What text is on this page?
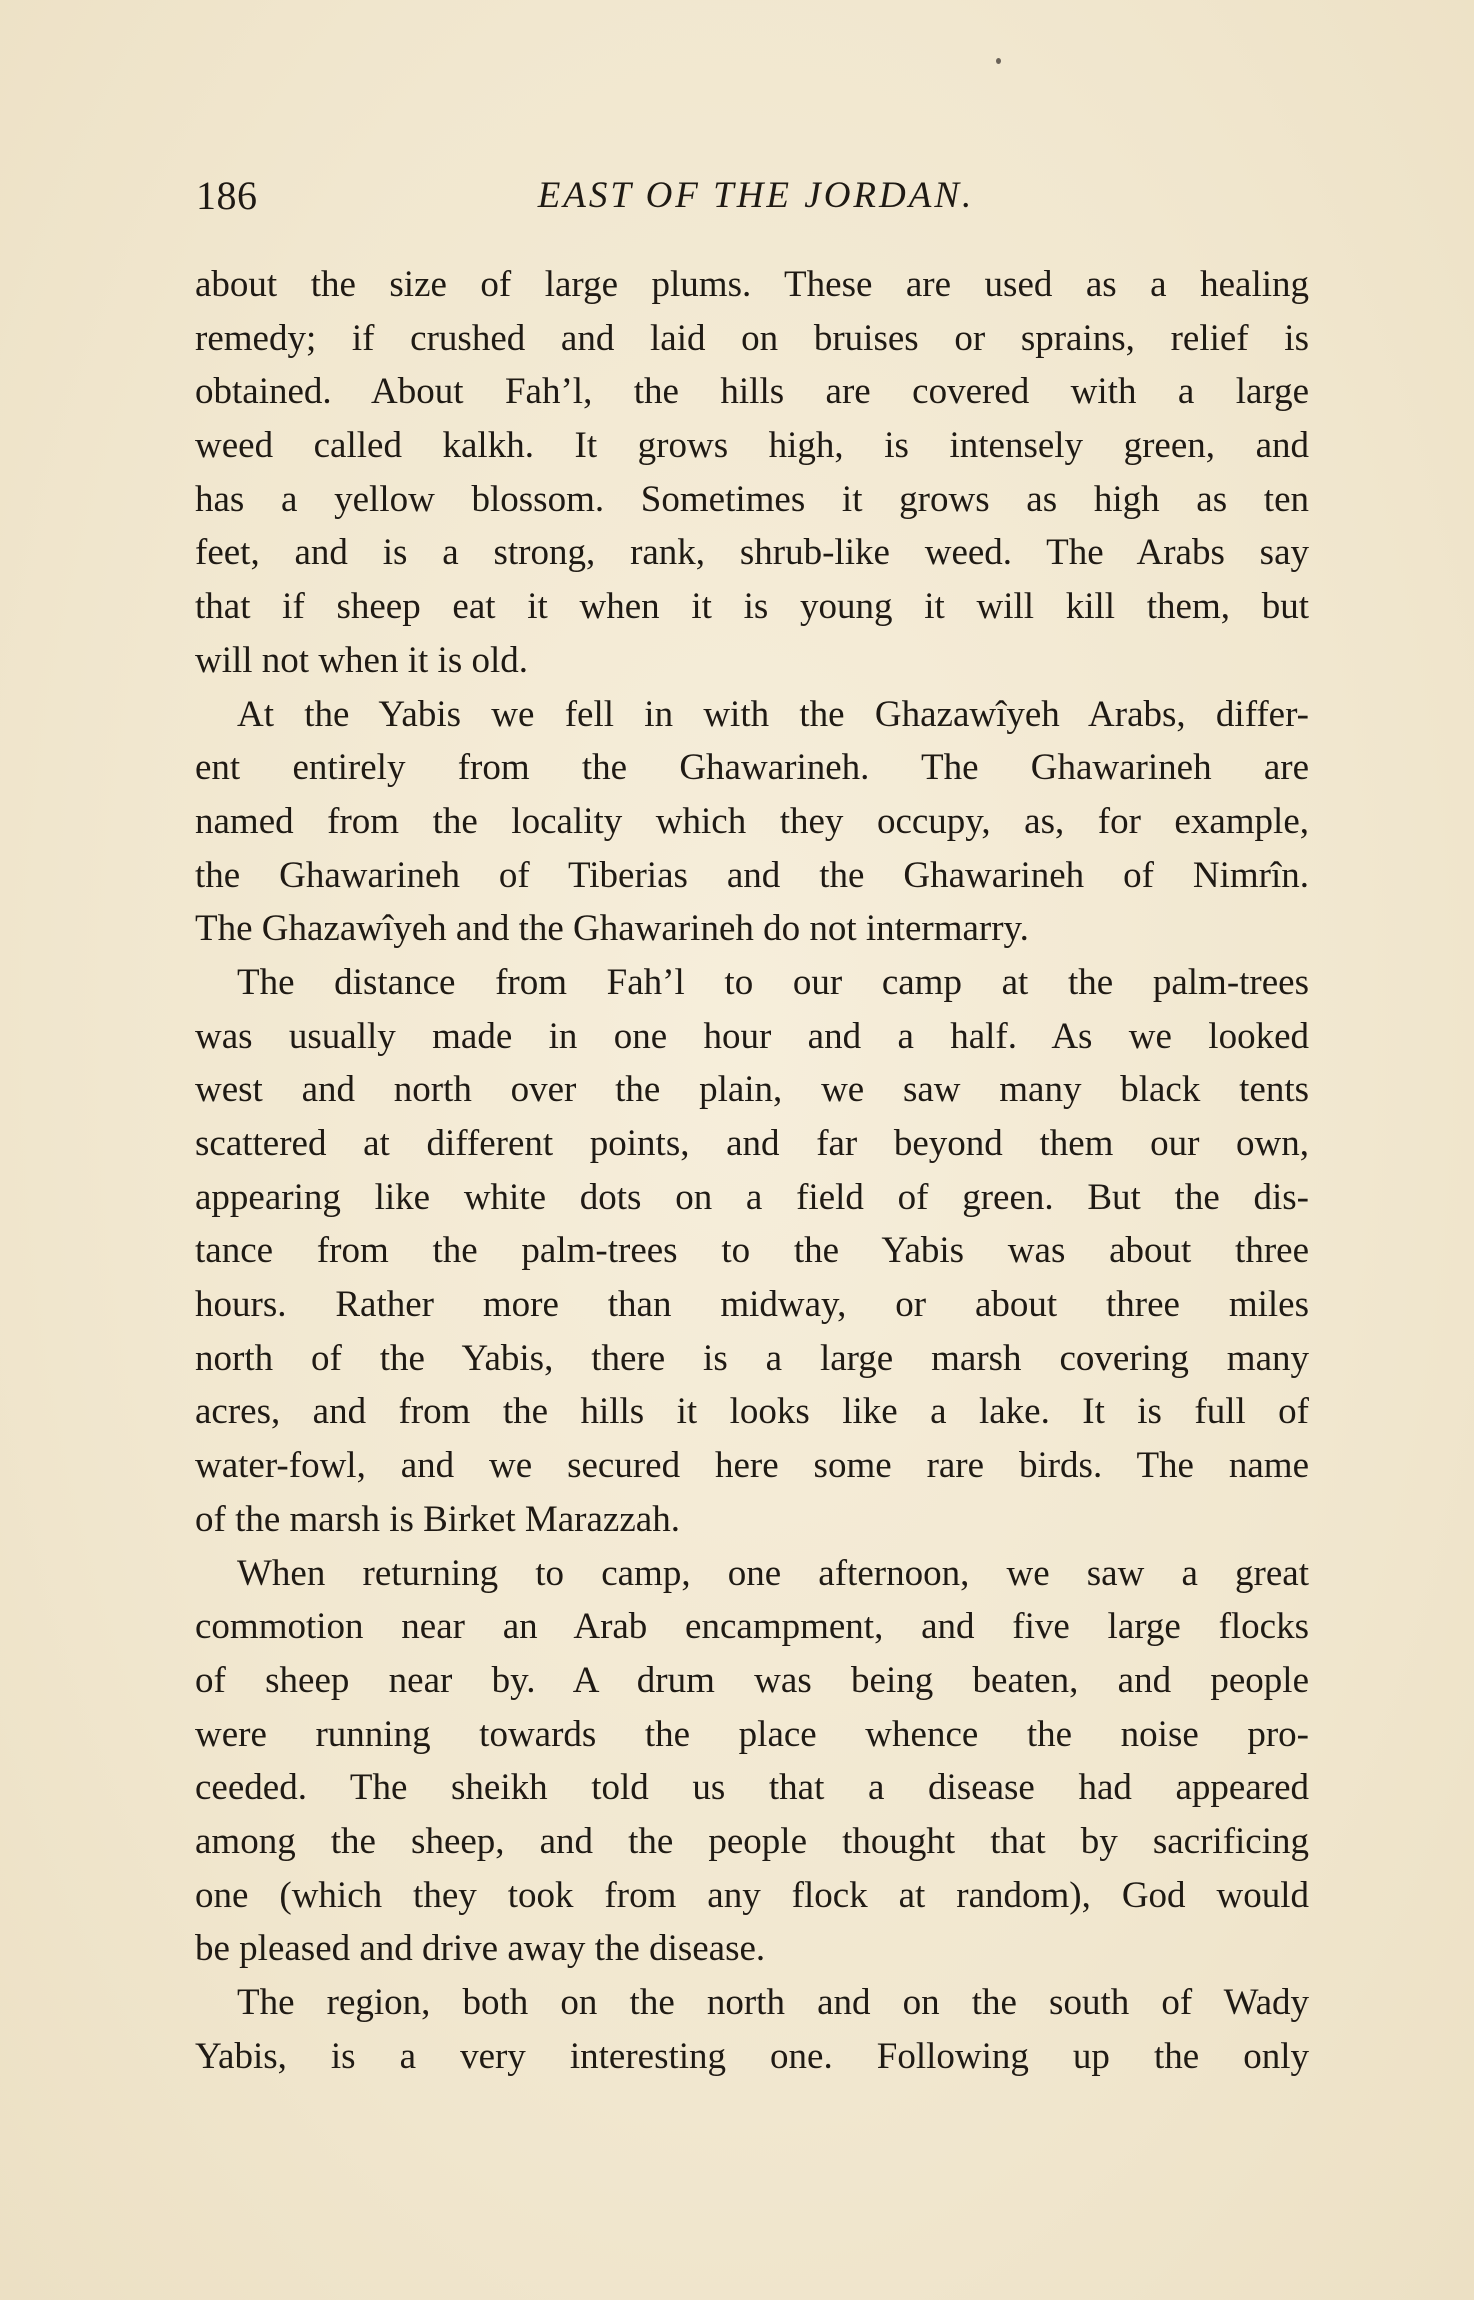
186	EAST OF THE JORDAN.
about the size of large plums. These are used as a healing
remedy; if crushed and laid on bruises or sprains, relief is
obtained. About Fah’l, the hills are covered with a large
weed called kalkh. It grows high, is intensely green, and
has a yellow blossom. Sometimes it grows as high as ten
feet, and is a strong, rank, shrub-like weed. The Arabs say
that if sheep eat it when it is young it will kill them, but
will not when it is old.
At the Yabis we fell in with the Ghazawîyeh Arabs, differ-
ent entirely from the Ghawarineh. The Ghawarineh are
named from the locality which they occupy, as, for example,
the Ghawarineh of Tiberias and the Ghawarineh of Nimrîn.
The Ghazawîyeh and the Ghawarineh do not intermarry.
The distance from Fah’l to our camp at the palm-trees
was usually made in one hour and a half. As we looked
west and north over the plain, we saw many black tents
scattered at different points, and far beyond them our own,
appearing like white dots on a field of green. But the dis-
tance from the palm-trees to the Yabis was about three
hours. Rather more than midway, or about three miles
north of the Yabis, there is a large marsh covering many
acres, and from the hills it looks like a lake. It is full of
water-fowl, and we secured here some rare birds. The name
of the marsh is Birket Marazzah.
When returning to camp, one afternoon, we saw a great
commotion near an Arab encampment, and five large flocks
of sheep near by. A drum was being beaten, and people
were running towards the place whence the noise pro-
ceeded. The sheikh told us that a disease had appeared
among the sheep, and the people thought that by sacrificing
one (which they took from any flock at random), God would
be pleased and drive away the disease.
The region, both on the north and on the south of Wady
Yabis, is a very interesting one. Following up the only
